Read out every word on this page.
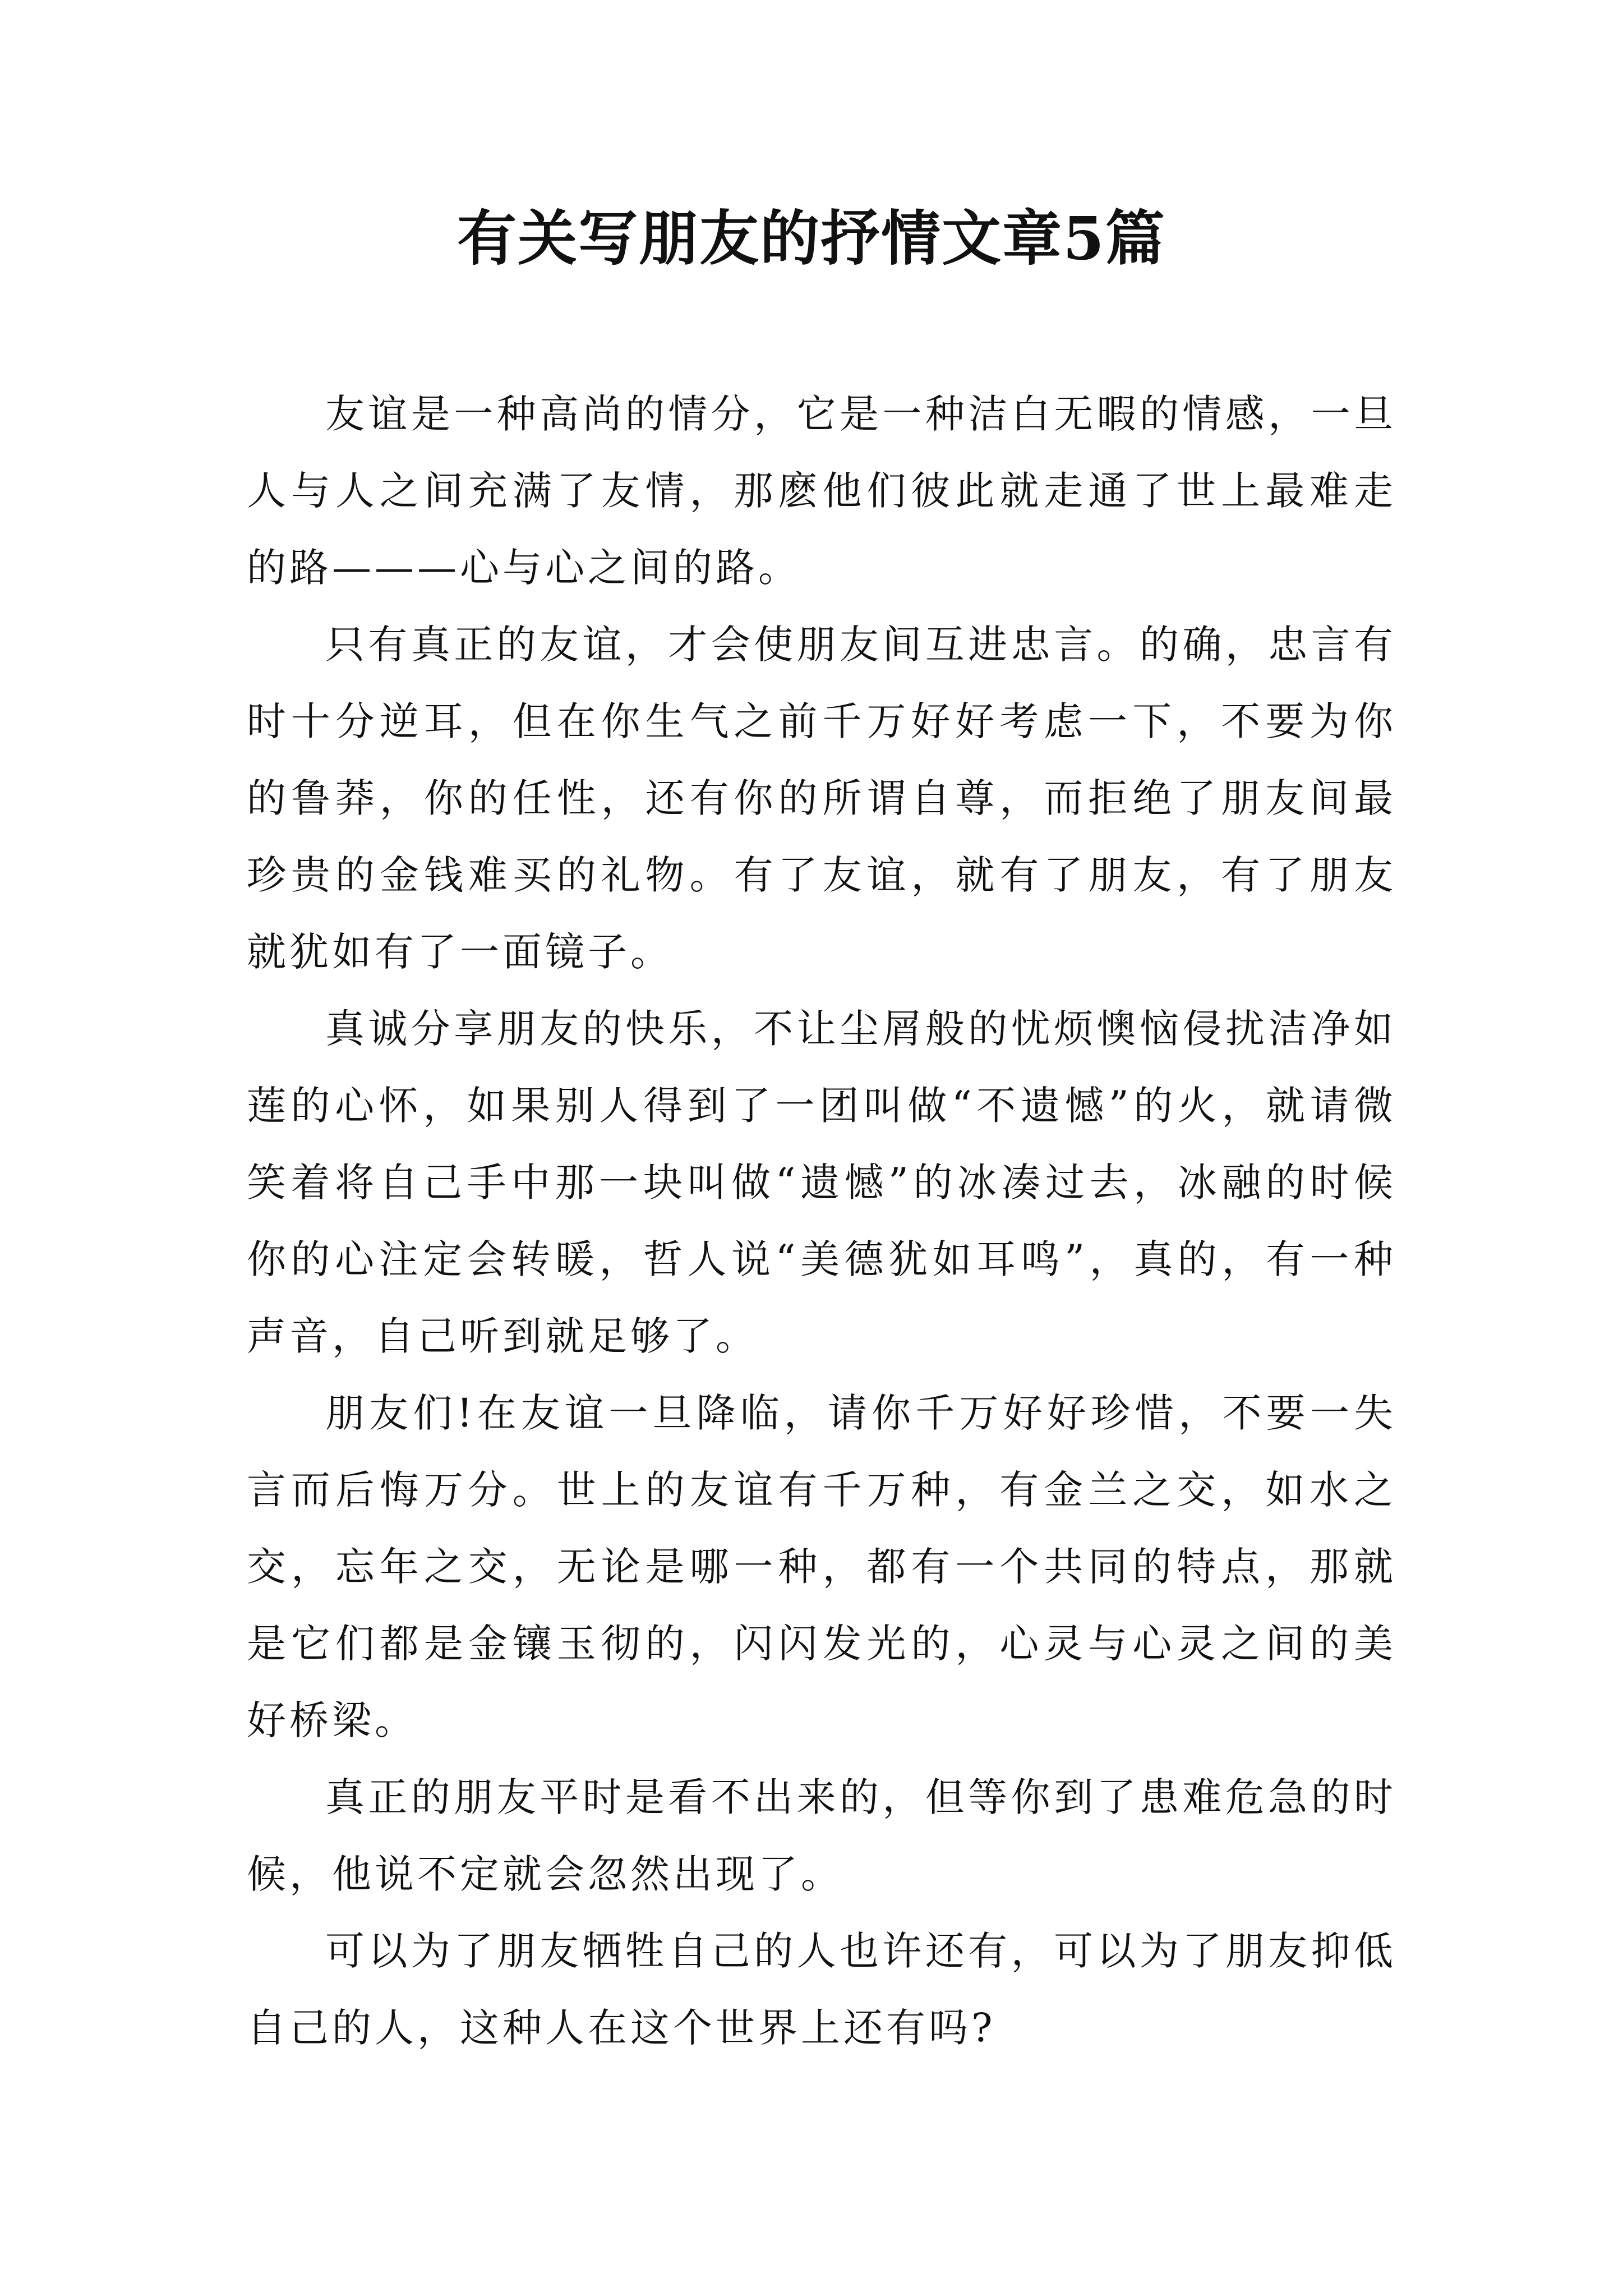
有关写朋友的抒情文章5篇

友谊是一种高尚的情分，它是一种洁白无暇的情感，一旦人与人之间充满了友情，那麽他们彼此就走通了世上最难走的路———心与心之间的路。

只有真正的友谊，才会使朋友间互进忠言。的确，忠言有时十分逆耳，但在你生气之前千万好好考虑一下，不要为你的鲁莽，你的任性，还有你的所谓自尊，而拒绝了朋友间最珍贵的金钱难买的礼物。有了友谊，就有了朋友，有了朋友就犹如有了一面镜子。

真诚分享朋友的快乐，不让尘屑般的忧烦懊恼侵扰洁净如莲的心怀，如果别人得到了一团叫做“不遗憾”的火，就请微笑着将自己手中那一块叫做“遗憾”的冰凑过去，冰融的时候你的心注定会转暖，哲人说“美德犹如耳鸣”，真的，有一种声音，自己听到就足够了。

朋友们!在友谊一旦降临，请你千万好好珍惜，不要一失言而后悔万分。世上的友谊有千万种，有金兰之交，如水之交，忘年之交，无论是哪一种，都有一个共同的特点，那就是它们都是金镶玉彻的，闪闪发光的，心灵与心灵之间的美好桥梁。

真正的朋友平时是看不出来的，但等你到了患难危急的时候，他说不定就会忽然出现了。

可以为了朋友牺牲自己的人也许还有，可以为了朋友抑低自己的人，这种人在这个世界上还有吗?
